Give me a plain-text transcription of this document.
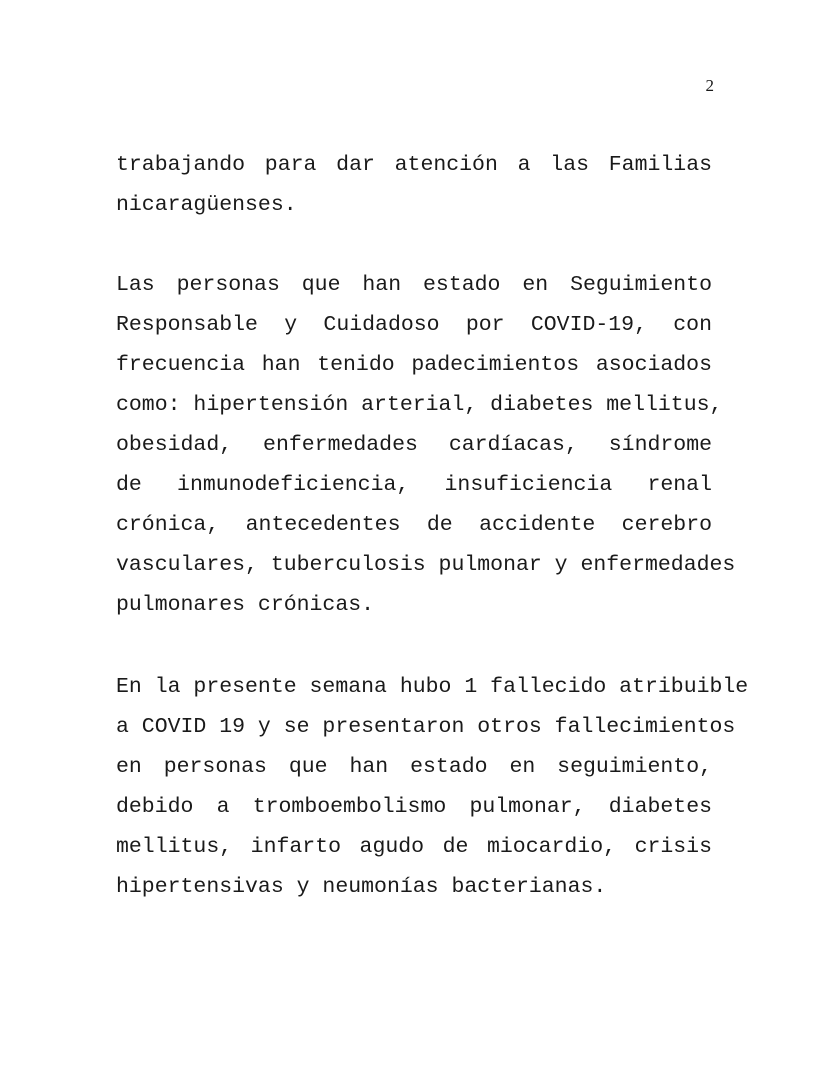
2
trabajando para dar atención a las Familias
nicaragüenses.
Las personas que han estado en Seguimiento
Responsable y Cuidadoso por COVID-19, con
frecuencia han tenido padecimientos asociados
como: hipertensión arterial, diabetes mellitus,
obesidad, enfermedades cardíacas, síndrome
de inmunodeficiencia, insuficiencia renal
crónica, antecedentes de accidente cerebro
vasculares, tuberculosis pulmonar y enfermedades
pulmonares crónicas.
En la presente semana hubo 1 fallecido atribuible
a COVID 19 y se presentaron otros fallecimientos
en personas que han estado en seguimiento,
debido a tromboembolismo pulmonar, diabetes
mellitus, infarto agudo de miocardio, crisis
hipertensivas y neumonías bacterianas.
